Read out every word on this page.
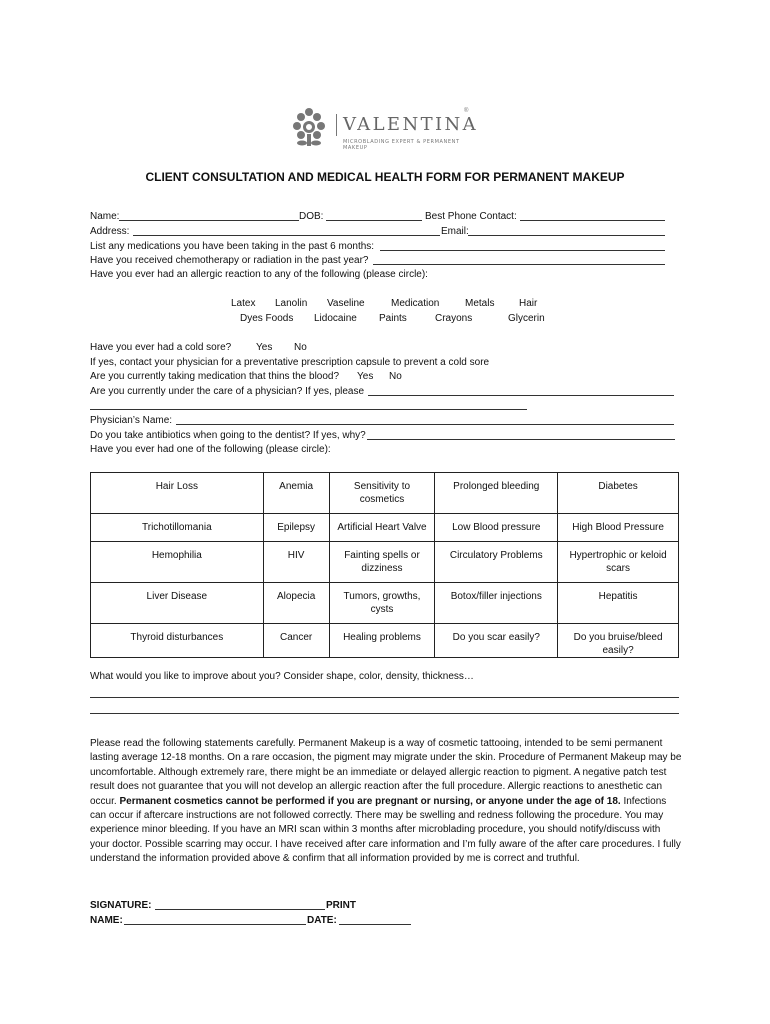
VALENTINA
®
MICROBLADING EXPERT & PERMANENT MAKEUP
CLIENT CONSULTATION AND MEDICAL HEALTH FORM FOR PERMANENT MAKEUP
Name:	DOB:	Best Phone Contact:
Address:	Email:
List any medications you have been taking in the past 6 months:
Have you received chemotherapy or radiation in the past year?
Have you ever had an allergic reaction to any of the following (please circle):
Latex Lanolin Vaseline	Medication	Metals Hair
Dyes Foods Lidocaine Paints	Crayons	Glycerin
Have you ever had a cold sore? Yes No
If yes, contact your physician for a preventative prescription capsule to prevent a cold sore
Are you currently taking medication that thins the blood? Yes No
Are you currently under the care of a physician? If yes, please
Physician’s Name:
Do you take antibiotics when going to the dentist? If yes, why?
Have you ever had one of the following (please circle):
Hair Loss	Anemia	Sensitivity to cosmetics	Prolonged bleeding	Diabetes
Trichotillomania	Epilepsy	Artificial Heart Valve	Low Blood pressure	High Blood Pressure
Hemophilia	HIV	Fainting spells or dizziness	Circulatory Problems	Hypertrophic or keloid scars
Liver Disease	Alopecia	Tumors, growths, cysts	Botox/filler injections	Hepatitis
Thyroid disturbances	Cancer	Healing problems	Do you scar easily?	Do you bruise/bleed easily?
What would you like to improve about you? Consider shape, color, density, thickness…
Please read the following statements carefully. Permanent Makeup is a way of cosmetic tattooing, intended to be semi permanent lasting average 12-18 months. On a rare occasion, the pigment may migrate under the skin. Procedure of Permanent Makeup may be uncomfortable. Although extremely rare, there might be an immediate or delayed allergic reaction to pigment. A negative patch test result does not guarantee that you will not develop an allergic reaction after the full procedure. Allergic reactions to anesthetic can occur. Permanent cosmetics cannot be performed if you are pregnant or nursing, or anyone under the age of 18. Infections can occur if aftercare instructions are not followed correctly. There may be swelling and redness following the procedure. You may experience minor bleeding. If you have an MRI scan within 3 months after microblading procedure, you should notify/discuss with your doctor. Possible scarring may occur. I have received after care information and I’m fully aware of the after care procedures. I fully understand the information provided above & confirm that all information provided by me is correct and truthful.
SIGNATURE:	PRINT
NAME:	DATE:
